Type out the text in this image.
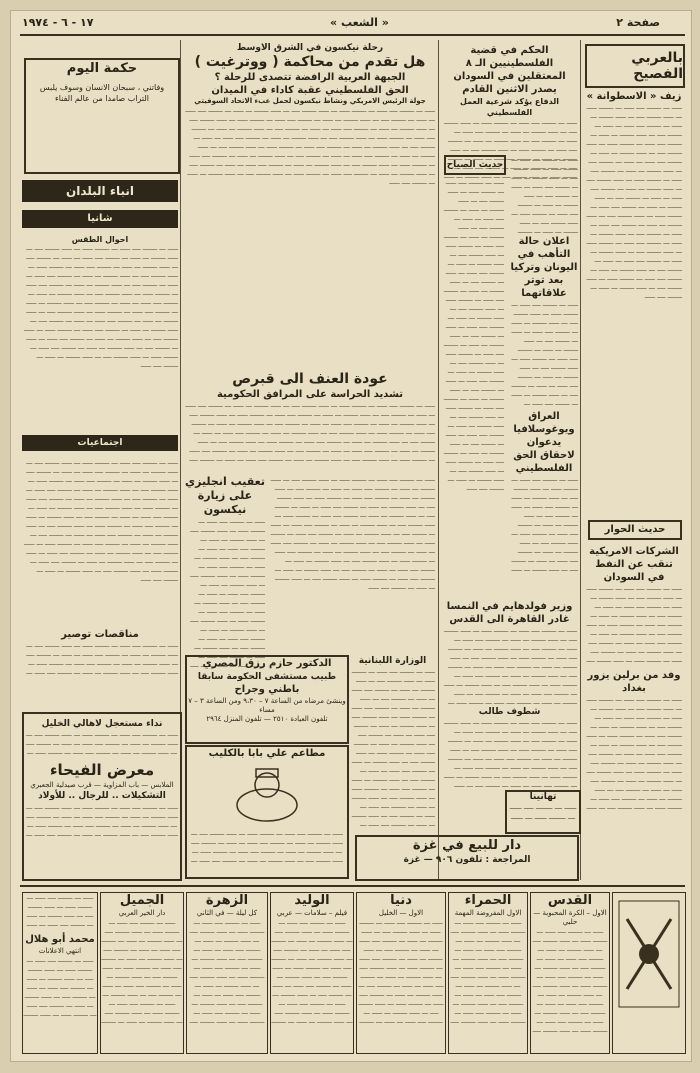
١٧ - ٦ - ١٩٧٤	« الشعب »	صفحة ٢
بالعربي الفصيح
زيف « الاسطوانة »
ـــــ ـــ ـــــــ ــــ ـــــ ـــ ـــــــ ـــــ ـــ ـــــ ـــــــ ــــ ـــ ـــــ ـــــــ ـــ ـــــ ـــ ـــــــ ــــ ـــــ ـــ ـــــ ـــ ـــــــ ــــ ـــ ـــــ ـــــــ ـــ ـــــ ـــ ـــــــ ــــ ـــــ ـــ ـــــــ ـــــ ـــ ـــــ ـــــــ ــــ ـــ ـــــ ـــــــ ـــ ـــــ ـــ ـــــــ ــــ ـــــ ـــ ـــــ ـــ ـــــــ ــــ ـــ ـــــ ـــــــ ـــ ـــــ ـــ ـــــــ ــــ ـــــ ـــ ـــــــ ـــــ ـــ ـــــ ـــــــ ــــ ـــ ـــــ ـــــــ ـــ ـــــ ـــ ـــــــ ــــ ـــــ ـــ ـــــ ـــ ـــــــ ــــ ـــ ـــــ ـــــــ ـــ ـــــ ـــ ـــــــ ــــ ـــــ ـــ ـــــــ ـــــ ـــ ـــــ ـــــــ ــــ ـــ ـــــ ـــــــ ـــ ـــــ ـــ ـــــــ ــــ ـــــ ـــ ـــــ ـــ ـــــــ ــــ ـــ ـــــ ـــــــ ـــ ـــــ ـــ ـــــــ ــــ ـــــ ـــ ـــــــ ـــــ ـــ ـــــ ـــــــ ــــ ـــ ـــــ ـــــــ ـــ ـــــ ـــ ـــــــ ــــ ـــــ ـــ ـــــ ـــ ـــــــ ــــ ـــ ـــــ ـــــــ ـــ ـــــ ـــ ـــــــ ــــ ـــــ ـــ ـــــــ ـــــ ـــ ـــــ ـــــــ ــــ ـــ ـــــ ـــــــ ـــ ـــــ ـــ ـــــــ ــــ ـــــ
حديث الحوار
الشركات الامريكية تنقب عن النفط في السودان
ـــــ ـــ ـــــــ ــــ ـــــ ـــ ـــــــ ـــــ ـــ ـــــ ـــــــ ــــ ـــ ـــــ ـــــــ ـــ ـــــ ـــ ـــــــ ــــ ـــــ ـــ ـــــ ـــ ـــــــ ــــ ـــ ـــــ ـــــــ ـــ ـــــ ـــ ـــــــ ــــ ـــــ ـــ ـــــــ ـــــ ـــ ـــــ ـــــــ ــــ ـــ ـــــ ـــــــ ـــ ـــــ ـــ ـــــــ ــــ ـــــ ـــ ـــــ ـــ ـــــــ ــــ ـــ ـــــ ـــــــ ـــ ـــــ ـــ ـــــــ ــــ ـــــ ـــ ـــــــ ـــــ ـــ ـــــ ـــــــ ــــ ـــ ـــــ ـــــــ ـــ ـــــ ـــ ـــــــ ــــ ـــــ ـــ ـــــ ـــ ـــــــ ــــ ـــ ـــــ ـــــــ ـــ ـــــ ـــ ـــــــ ــــ ـــــ ـــ ـــــــ ـــــ ـــ ـــــ ـــــــ ــــ ـــ ـــــ ـــــــ ـــ ـــــ ـــ ـــــــ ــــ ـــــ ـــ ـــــ ـــ ـــــــ ــــ ـــ ـــــ ـــــــ ـــ ـــــ ـــ ـــــــ ــــ ـــــ ـــ ـــــــ ـــــ ـــ ـــــ ـــــــ ــــ ـــ ـــــ ـــــــ ـــ ـــــ ـــ ـــــــ ــــ ـــــ ـــ ـــــ ـــ ـــــــ ــــ ـــ ـــــ ـــــــ ـــ ـــــ ـــ ـــــــ ــــ ـــــ ـــ ـــــــ ـــــ ـــ ـــــ ـــــــ ــــ ـــ ـــــ ـــــــ ـــ ـــــ ـــ ـــــــ ــــ ـــــ
وفد من برلين يزور بغداد
ـــــ ـــ ـــــــ ــــ ـــــ ـــ ـــــــ ـــــ ـــ ـــــ ـــــــ ــــ ـــ ـــــ ـــــــ ـــ ـــــ ـــ ـــــــ ــــ ـــــ ـــ ـــــ ـــ ـــــــ ــــ ـــ ـــــ ـــــــ ـــ ـــــ ـــ ـــــــ ــــ ـــــ ـــ ـــــــ ـــــ ـــ ـــــ ـــــــ ــــ ـــ ـــــ ـــــــ ـــ ـــــ ـــ ـــــــ ــــ ـــــ ـــ ـــــ ـــ ـــــــ ــــ ـــ ـــــ ـــــــ ـــ ـــــ ـــ ـــــــ ــــ ـــــ ـــ ـــــــ ـــــ ـــ ـــــ ـــــــ ــــ ـــ ـــــ ـــــــ ـــ ـــــ ـــ ـــــــ ــــ ـــــ ـــ ـــــ ـــ ـــــــ ــــ ـــ ـــــ ـــــــ ـــ ـــــ ـــ ـــــــ ــــ ـــــ ـــ ـــــــ ـــــ ـــ ـــــ ـــــــ ــــ ـــ ـــــ ـــــــ ـــ ـــــ ـــ ـــــــ ــــ ـــــ ـــ ـــــ ـــ ـــــــ ــــ ـــ ـــــ ـــــــ ـــ ـــــ ـــ ـــــــ ــــ ـــــ ـــ ـــــــ ـــــ ـــ ـــــ ـــــــ ــــ ـــ ـــــ ـــــــ ـــ ـــــ ـــ ـــــــ ــــ ـــــ ـــ ـــــ ـــ ـــــــ ــــ ـــ ـــــ ـــــــ ـــ ـــــ ـــ ـــــــ ــــ ـــــ ـــ ـــــــ ـــــ ـــ ـــــ ـــــــ ــــ ـــ ـــــ ـــــــ ـــ ـــــ ـــ ـــــــ ــــ ـــــ
الحكم في قضية الفلسطينيين الـ ٨ المعتقلين في السودان يصدر الاثنين القادم
الدفاع يؤكد شرعية العمل الفلسطيني
ـــــ ـــ ـــــــ ــــ ـــــ ـــ ـــــــ ـــــ ـــ ـــــ ـــــــ ــــ ـــ ـــــ ـــــــ ـــ ـــــ ـــ ـــــــ ــــ ـــــ ـــ ـــــ ـــ ـــــــ ــــ ـــ ـــــ ـــــــ ـــ ـــــ ـــ ـــــــ ــــ ـــــ ـــ ـــــــ ـــــ ـــ ـــــ ـــــــ ــــ ـــ ـــــ ـــــــ ـــ ـــــ ـــ ـــــــ ــــ ـــــ ـــ ـــــ ـــ ـــــــ ــــ ـــ ـــــ ـــــــ ـــ ـــــ ـــ ـــــــ ــــ ـــــ ـــ ـــــــ ـــــ ـــ ـــــ ـــــــ ــــ ـــ ـــــ ـــــــ ـــ ـــــ ـــ ـــــــ ــــ ـــــ ـــ ـــــ ـــ ـــــــ ــــ ـــ ـــــ ـــــــ ـــ ـــــ ـــ ـــــــ ــــ ـــــ ـــ ـــــــ ـــــ ـــ ـــــ ـــــــ ــــ ـــ ـــــ ـــــــ ـــ ـــــ ـــ ـــــــ ــــ ـــــ ـــ ـــــ ـــ ـــــــ ــــ ـــ ـــــ ـــــــ ـــ ـــــ ـــ ـــــــ ــــ ـــــ ـــ ـــــــ ـــــ ـــ ـــــ ـــــــ ــــ ـــ ـــــ ـــــــ ـــ ـــــ ـــ ـــــــ ــــ ـــــ ـــ ـــــ ـــ ـــــــ ــــ ـــ ـــــ ـــــــ ـــ ـــــ ـــ ـــــــ ــــ ـــــ ـــ ـــــــ ـــــ ـــ ـــــ ـــــــ ــــ ـــ ـــــ ـــــــ ـــ ـــــ ـــ ـــــــ ــــ ـــــ
حديث الصباح
ـــــ ـــ ـــــــ ــــ ـــــ ـــ ـــــــ ـــــ ـــ ـــــ ـــــــ ــــ ـــ ـــــ ـــــــ ـــ ـــــ ـــ ـــــــ ــــ ـــــ ـــ ـــــ ـــ ـــــــ ــــ ـــ ـــــ ـــــــ ـــ ـــــ ـــ ـــــــ ــــ ـــــ ـــ ـــــــ ـــــ ـــ ـــــ ـــــــ ــــ ـــ ـــــ ـــــــ ـــ ـــــ ـــ ـــــــ ــــ ـــــ ـــ ـــــ ـــ ـــــــ ــــ ـــ ـــــ ـــــــ ـــ ـــــ ـــ ـــــــ ــــ ـــــ ـــ ـــــــ ـــــ ـــ ـــــ ـــــــ ــــ ـــ ـــــ ـــــــ ـــ ـــــ ـــ ـــــــ ــــ ـــــ ـــ ـــــ ـــ ـــــــ ــــ ـــ ـــــ ـــــــ ـــ ـــــ ـــ ـــــــ ــــ ـــــ ـــ ـــــــ ـــــ ـــ ـــــ ـــــــ ــــ ـــ ـــــ ـــــــ ـــ ـــــ ـــ ـــــــ ــــ ـــــ ـــ ـــــ ـــ ـــــــ ــــ ـــ ـــــ ـــــــ ـــ ـــــ ـــ ـــــــ ــــ ـــــ ـــ ـــــــ ـــــ ـــ ـــــ ـــــــ ــــ ـــ ـــــ ـــــــ ـــ ـــــ ـــ ـــــــ ــــ ـــــ ـــ ـــــ ـــ ـــــــ ــــ ـــ ـــــ ـــــــ ـــ ـــــ ـــ ـــــــ ــــ ـــــ ـــ ـــــــ ـــــ ـــ ـــــ ـــــــ ــــ ـــ ـــــ ـــــــ ـــ ـــــ ـــ ـــــــ ــــ ـــــ
ـــــ ـــ ـــــــ ــــ ـــــ ـــ ـــــــ ـــــ ـــ ـــــ ـــــــ ــــ ـــ ـــــ ـــــــ ـــ ـــــ ـــ ـــــــ ــــ ـــــ ـــ ـــــ ـــ ـــــــ ــــ ـــ ـــــ ـــــــ ـــ ـــــ ـــ ـــــــ ــــ ـــــ ـــ ـــــــ ـــــ ـــ ـــــ ـــــــ ــــ ـــ ـــــ ـــــــ ـــ ـــــ ـــ ـــــــ ــــ ـــــ ـــ ـــــ ـــ ـــــــ ــــ ـــ ـــــ ـــــــ ـــ ـــــ ـــ ـــــــ ــــ ـــــ ـــ ـــــــ ـــــ ـــ ـــــ ـــــــ ــــ ـــ ـــــ ـــــــ ـــ ـــــ ـــ ـــــــ ــــ ـــــ ـــ ـــــ ـــ ـــــــ ــــ ـــ ـــــ ـــــــ ـــ ـــــ ـــ ـــــــ ــــ ـــــ ـــ ـــــــ ـــــ ـــ ـــــ ـــــــ ــــ ـــ ـــــ ـــــــ ـــ ـــــ ـــ ـــــــ ــــ ـــــ ـــ ـــــ ـــ ـــــــ ــــ ـــ ـــــ ـــــــ ـــ ـــــ ـــ ـــــــ ــــ ـــــ ـــ ـــــــ ـــــ ـــ ـــــ ـــــــ ــــ ـــ ـــــ ـــــــ ـــ ـــــ ـــ ـــــــ ــــ ـــــ ـــ ـــــ ـــ ـــــــ ــــ ـــ ـــــ ـــــــ ـــ ـــــ ـــ ـــــــ ــــ ـــــ ـــ ـــــــ ـــــ ـــ ـــــ ـــــــ ــــ ـــ ـــــ ـــــــ ـــ ـــــ ـــ ـــــــ ــــ ـــــ
اعلان حالة التأهب في اليونان وتركيا بعد توتر علاقاتهما
ـــــ ـــ ـــــــ ــــ ـــــ ـــ ـــــــ ـــــ ـــ ـــــ ـــــــ ــــ ـــ ـــــ ـــــــ ـــ ـــــ ـــ ـــــــ ــــ ـــــ ـــ ـــــ ـــ ـــــــ ــــ ـــ ـــــ ـــــــ ـــ ـــــ ـــ ـــــــ ــــ ـــــ ـــ ـــــــ ـــــ ـــ ـــــ ـــــــ ــــ ـــ ـــــ ـــــــ ـــ ـــــ ـــ ـــــــ ــــ ـــــ ـــ ـــــ ـــ ـــــــ ــــ ـــ ـــــ ـــــــ ـــ ـــــ ـــ ـــــــ ــــ ـــــ ـــ ـــــــ ـــــ ـــ ـــــ ـــــــ ــــ ـــ ـــــ ـــــــ ـــ ـــــ ـــ ـــــــ ــــ ـــــ ـــ ـــــ ـــ ـــــــ ــــ ـــ ـــــ ـــــــ ـــ ـــــ ـــ ـــــــ ــــ ـــــ ـــ ـــــــ ـــــ ـــ ـــــ ـــــــ ــــ ـــ ـــــ ـــــــ ـــ ـــــ ـــ ـــــــ ــــ ـــــ ـــ ـــــ ـــ ـــــــ ــــ ـــ ـــــ ـــــــ ـــ ـــــ ـــ ـــــــ ــــ ـــــ ـــ ـــــــ ـــــ ـــ ـــــ ـــــــ ــــ ـــ ـــــ ـــــــ ـــ ـــــ ـــ ـــــــ ــــ ـــــ ـــ ـــــ ـــ ـــــــ ــــ ـــ ـــــ ـــــــ ـــ ـــــ ـــ ـــــــ ــــ ـــــ ـــ ـــــــ ـــــ ـــ ـــــ ـــــــ ــــ ـــ ـــــ ـــــــ ـــ ـــــ ـــ ـــــــ ــــ ـــــ
العراق ويوغوسلافيا يدعوان لاحقاق الحق الفلسطيني
ـــــ ـــ ـــــــ ــــ ـــــ ـــ ـــــــ ـــــ ـــ ـــــ ـــــــ ــــ ـــ ـــــ ـــــــ ـــ ـــــ ـــ ـــــــ ــــ ـــــ ـــ ـــــ ـــ ـــــــ ــــ ـــ ـــــ ـــــــ ـــ ـــــ ـــ ـــــــ ــــ ـــــ ـــ ـــــــ ـــــ ـــ ـــــ ـــــــ ــــ ـــ ـــــ ـــــــ ـــ ـــــ ـــ ـــــــ ــــ ـــــ ـــ ـــــ ـــ ـــــــ ــــ ـــ ـــــ ـــــــ ـــ ـــــ ـــ ـــــــ ــــ ـــــ ـــ ـــــــ ـــــ ـــ ـــــ ـــــــ ــــ ـــ ـــــ ـــــــ ـــ ـــــ ـــ ـــــــ ــــ ـــــ ـــ ـــــ ـــ ـــــــ ــــ ـــ ـــــ ـــــــ ـــ ـــــ ـــ ـــــــ ــــ ـــــ ـــ ـــــــ ـــــ ـــ ـــــ ـــــــ ــــ ـــ ـــــ ـــــــ ـــ ـــــ ـــ ـــــــ ــــ ـــــ ـــ ـــــ ـــ ـــــــ ــــ ـــ ـــــ ـــــــ ـــ ـــــ ـــ ـــــــ ــــ ـــــ ـــ ـــــــ ـــــ ـــ ـــــ ـــــــ ــــ ـــ ـــــ ـــــــ ـــ ـــــ ـــ ـــــــ ــــ ـــــ ـــ ـــــ ـــ ـــــــ ــــ ـــ ـــــ ـــــــ ـــ ـــــ ـــ ـــــــ ــــ ـــــ ـــ ـــــــ ـــــ ـــ ـــــ ـــــــ ــــ ـــ ـــــ ـــــــ ـــ ـــــ ـــ ـــــــ ــــ ـــــ
وزير فولدهايم في النمسا غادر القاهرة الى القدس
ـــــ ـــ ـــــــ ــــ ـــــ ـــ ـــــــ ـــــ ـــ ـــــ ـــــــ ــــ ـــ ـــــ ـــــــ ـــ ـــــ ـــ ـــــــ ــــ ـــــ ـــ ـــــ ـــ ـــــــ ــــ ـــ ـــــ ـــــــ ـــ ـــــ ـــ ـــــــ ــــ ـــــ ـــ ـــــــ ـــــ ـــ ـــــ ـــــــ ــــ ـــ ـــــ ـــــــ ـــ ـــــ ـــ ـــــــ ــــ ـــــ ـــ ـــــ ـــ ـــــــ ــــ ـــ ـــــ ـــــــ ـــ ـــــ ـــ ـــــــ ــــ ـــــ ـــ ـــــــ ـــــ ـــ ـــــ ـــــــ ــــ ـــ ـــــ ـــــــ ـــ ـــــ ـــ ـــــــ ــــ ـــــ ـــ ـــــ ـــ ـــــــ ــــ ـــ ـــــ ـــــــ ـــ ـــــ ـــ ـــــــ ــــ ـــــ ـــ ـــــــ ـــــ ـــ ـــــ ـــــــ ــــ ـــ ـــــ ـــــــ ـــ ـــــ ـــ ـــــــ ــــ ـــــ ـــ ـــــ ـــ ـــــــ ــــ ـــ ـــــ ـــــــ ـــ ـــــ ـــ ـــــــ ــــ ـــــ ـــ ـــــــ ـــــ ـــ ـــــ ـــــــ ــــ ـــ ـــــ ـــــــ ـــ ـــــ ـــ ـــــــ ــــ ـــــ ـــ ـــــ ـــ ـــــــ ــــ ـــ ـــــ ـــــــ ـــ ـــــ ـــ ـــــــ ــــ ـــــ ـــ ـــــــ ـــــ ـــ ـــــ ـــــــ ــــ ـــ ـــــ ـــــــ ـــ ـــــ ـــ ـــــــ ــــ ـــــ
شطوف طالب
ـــــ ـــ ـــــــ ــــ ـــــ ـــ ـــــــ ـــــ ـــ ـــــ ـــــــ ــــ ـــ ـــــ ـــــــ ـــ ـــــ ـــ ـــــــ ــــ ـــــ ـــ ـــــ ـــ ـــــــ ــــ ـــ ـــــ ـــــــ ـــ ـــــ ـــ ـــــــ ــــ ـــــ ـــ ـــــــ ـــــ ـــ ـــــ ـــــــ ــــ ـــ ـــــ ـــــــ ـــ ـــــ ـــ ـــــــ ــــ ـــــ ـــ ـــــ ـــ ـــــــ ــــ ـــ ـــــ ـــــــ ـــ ـــــ ـــ ـــــــ ــــ ـــــ ـــ ـــــــ ـــــ ـــ ـــــ ـــــــ ــــ ـــ ـــــ ـــــــ ـــ ـــــ ـــ ـــــــ ــــ ـــــ ـــ ـــــ ـــ ـــــــ ــــ ـــ ـــــ ـــــــ ـــ ـــــ ـــ ـــــــ ــــ ـــــ ـــ ـــــــ ـــــ ـــ ـــــ ـــــــ ــــ ـــ ـــــ ـــــــ ـــ ـــــ ـــ ـــــــ ــــ ـــــ ـــ ـــــ ـــ ـــــــ ــــ ـــ ـــــ ـــــــ ـــ ـــــ ـــ ـــــــ ــــ ـــــ ـــ ـــــــ ـــــ ـــ ـــــ ـــــــ ــــ ـــ ـــــ ـــــــ ـــ ـــــ ـــ ـــــــ ــــ ـــــ ـــ ـــــ ـــ ـــــــ ــــ ـــ ـــــ ـــــــ ـــ ـــــ ـــ ـــــــ ــــ ـــــ ـــ ـــــــ ـــــ ـــ ـــــ ـــــــ ــــ ـــ ـــــ ـــــــ ـــ ـــــ ـــ ـــــــ ــــ ـــــ
تهانينا
ـــــ ـــ ـــــــ ــــ ـــــ ـــ ـــــــ ـــــ ـــ ـــــ ـــــــ ــــ ـــ ـــــ ـــــــ ـــ ـــــ ـــ ـــــــ ــــ ـــــ ـــ ـــــ ـــ ـــــــ ــــ ـــ ـــــ ـــــــ ـــ ـــــ ـــ ـــــــ ــــ ـــــ ـــ ـــــــ ـــــ ـــ ـــــ ـــــــ ــــ ـــ ـــــ ـــــــ ـــ ـــــ ـــ ـــــــ ــــ ـــــ ـــ ـــــ ـــ ـــــــ ــــ ـــ ـــــ ـــــــ ـــ ـــــ ـــ ـــــــ ــــ ـــــ ـــ ـــــــ ـــــ ـــ ـــــ ـــــــ ــــ ـــ ـــــ ـــــــ ـــ ـــــ ـــ ـــــــ ــــ ـــــ ـــ ـــــ ـــ ـــــــ ــــ ـــ ـــــ ـــــــ ـــ ـــــ ـــ ـــــــ ــــ ـــــ ـــ ـــــــ ـــــ ـــ ـــــ ـــــــ ــــ ـــ ـــــ ـــــــ ـــ ـــــ ـــ ـــــــ ــــ ـــــ ـــ ـــــ ـــ ـــــــ ــــ ـــ ـــــ ـــــــ ـــ ـــــ ـــ ـــــــ ــــ ـــــ ـــ ـــــــ ـــــ ـــ ـــــ ـــــــ ــــ ـــ ـــــ ـــــــ ـــ ـــــ ـــ ـــــــ ــــ ـــــ ـــ ـــــ ـــ ـــــــ ــــ ـــ ـــــ ـــــــ ـــ ـــــ ـــ ـــــــ ــــ ـــــ ـــ ـــــــ ـــــ ـــ ـــــ ـــــــ ــــ ـــ ـــــ ـــــــ ـــ ـــــ ـــ ـــــــ ــــ ـــــ
دار للبيع في غزة
المراجعة : تلفون ٩٠٦ — غزة
رحلة نيكسون في الشرق الاوسط
هل تقدم من محاكمة ( ووترغيت )
الجبهة العربية الرافضة تتصدى للرحلة ؟
الحق الفلسطيني عقبة كاداء في الميدان
جولة الرئيس الامريكي ونشاط نيكسون لحمل عبء الاتحاد السوفيتي
ـــــ ـــ ـــــــ ــــ ـــــ ـــ ـــــــ ـــــ ـــ ـــــ ـــــــ ــــ ـــ ـــــ ـــــــ ـــ ـــــ ـــ ـــــــ ــــ ـــــ ـــ ـــــ ـــ ـــــــ ــــ ـــ ـــــ ـــــــ ـــ ـــــ ـــ ـــــــ ــــ ـــــ ـــ ـــــــ ـــــ ـــ ـــــ ـــــــ ــــ ـــ ـــــ ـــــــ ـــ ـــــ ـــ ـــــــ ــــ ـــــ ـــ ـــــ ـــ ـــــــ ــــ ـــ ـــــ ـــــــ ـــ ـــــ ـــ ـــــــ ــــ ـــــ ـــ ـــــــ ـــــ ـــ ـــــ ـــــــ ــــ ـــ ـــــ ـــــــ ـــ ـــــ ـــ ـــــــ ــــ ـــــ ـــ ـــــ ـــ ـــــــ ــــ ـــ ـــــ ـــــــ ـــ ـــــ ـــ ـــــــ ــــ ـــــ ـــ ـــــــ ـــــ ـــ ـــــ ـــــــ ــــ ـــ ـــــ ـــــــ ـــ ـــــ ـــ ـــــــ ــــ ـــــ ـــ ـــــ ـــ ـــــــ ــــ ـــ ـــــ ـــــــ ـــ ـــــ ـــ ـــــــ ــــ ـــــ ـــ ـــــــ ـــــ ـــ ـــــ ـــــــ ــــ ـــ ـــــ ـــــــ ـــ ـــــ ـــ ـــــــ ــــ ـــــ ـــ ـــــ ـــ ـــــــ ــــ ـــ ـــــ ـــــــ ـــ ـــــ ـــ ـــــــ ــــ ـــــ ـــ ـــــــ ـــــ ـــ ـــــ ـــــــ ــــ ـــ ـــــ ـــــــ ـــ ـــــ ـــ ـــــــ ــــ ـــــ
عودة العنف الى قبرص
تشديد الحراسة على المرافق الحكومية
ـــــ ـــ ـــــــ ــــ ـــــ ـــ ـــــــ ـــــ ـــ ـــــ ـــــــ ــــ ـــ ـــــ ـــــــ ـــ ـــــ ـــ ـــــــ ــــ ـــــ ـــ ـــــ ـــ ـــــــ ــــ ـــ ـــــ ـــــــ ـــ ـــــ ـــ ـــــــ ــــ ـــــ ـــ ـــــــ ـــــ ـــ ـــــ ـــــــ ــــ ـــ ـــــ ـــــــ ـــ ـــــ ـــ ـــــــ ــــ ـــــ ـــ ـــــ ـــ ـــــــ ــــ ـــ ـــــ ـــــــ ـــ ـــــ ـــ ـــــــ ــــ ـــــ ـــ ـــــــ ـــــ ـــ ـــــ ـــــــ ــــ ـــ ـــــ ـــــــ ـــ ـــــ ـــ ـــــــ ــــ ـــــ ـــ ـــــ ـــ ـــــــ ــــ ـــ ـــــ ـــــــ ـــ ـــــ ـــ ـــــــ ــــ ـــــ ـــ ـــــــ ـــــ ـــ ـــــ ـــــــ ــــ ـــ ـــــ ـــــــ ـــ ـــــ ـــ ـــــــ ــــ ـــــ ـــ ـــــ ـــ ـــــــ ــــ ـــ ـــــ ـــــــ ـــ ـــــ ـــ ـــــــ ــــ ـــــ ـــ ـــــــ ـــــ ـــ ـــــ ـــــــ ــــ ـــ ـــــ ـــــــ ـــ ـــــ ـــ ـــــــ ــــ ـــــ ـــ ـــــ ـــ ـــــــ ــــ ـــ ـــــ ـــــــ ـــ ـــــ ـــ ـــــــ ــــ ـــــ ـــ ـــــــ ـــــ ـــ ـــــ ـــــــ ــــ ـــ ـــــ ـــــــ ـــ ـــــ ـــ ـــــــ ــــ ـــــ
تعقيب انجليزي على زيارة نيكسون
ـــــ ـــ ـــــــ ــــ ـــــ ـــ ـــــــ ـــــ ـــ ـــــ ـــــــ ــــ ـــ ـــــ ـــــــ ـــ ـــــ ـــ ـــــــ ــــ ـــــ ـــ ـــــ ـــ ـــــــ ــــ ـــ ـــــ ـــــــ ـــ ـــــ ـــ ـــــــ ــــ ـــــ ـــ ـــــــ ـــــ ـــ ـــــ ـــــــ ــــ ـــ ـــــ ـــــــ ـــ ـــــ ـــ ـــــــ ــــ ـــــ ـــ ـــــ ـــ ـــــــ ــــ ـــ ـــــ ـــــــ ـــ ـــــ ـــ ـــــــ ــــ ـــــ ـــ ـــــــ ـــــ ـــ ـــــ ـــــــ ــــ ـــ ـــــ ـــــــ ـــ ـــــ ـــ ـــــــ ــــ ـــــ ـــ ـــــ ـــ ـــــــ ــــ ـــ ـــــ ـــــــ ـــ ـــــ ـــ ـــــــ ــــ ـــــ ـــ ـــــــ ـــــ ـــ ـــــ ـــــــ ــــ ـــ ـــــ ـــــــ ـــ ـــــ ـــ ـــــــ ــــ ـــــ ـــ ـــــ ـــ ـــــــ ــــ ـــ ـــــ ـــــــ ـــ ـــــ ـــ ـــــــ ــــ ـــــ ـــ ـــــــ ـــــ ـــ ـــــ ـــــــ ــــ ـــ ـــــ ـــــــ ـــ ـــــ ـــ ـــــــ ــــ ـــــ ـــ ـــــ ـــ ـــــــ ــــ ـــ ـــــ ـــــــ ـــ ـــــ ـــ ـــــــ ــــ ـــــ ـــ ـــــــ ـــــ ـــ ـــــ ـــــــ ــــ ـــ ـــــ ـــــــ ـــ ـــــ ـــ ـــــــ ــــ ـــــ
ـــــ ـــ ـــــــ ــــ ـــــ ـــ ـــــــ ـــــ ـــ ـــــ ـــــــ ــــ ـــ ـــــ ـــــــ ـــ ـــــ ـــ ـــــــ ــــ ـــــ ـــ ـــــ ـــ ـــــــ ــــ ـــ ـــــ ـــــــ ـــ ـــــ ـــ ـــــــ ــــ ـــــ ـــ ـــــــ ـــــ ـــ ـــــ ـــــــ ــــ ـــ ـــــ ـــــــ ـــ ـــــ ـــ ـــــــ ــــ ـــــ ـــ ـــــ ـــ ـــــــ ــــ ـــ ـــــ ـــــــ ـــ ـــــ ـــ ـــــــ ــــ ـــــ ـــ ـــــــ ـــــ ـــ ـــــ ـــــــ ــــ ـــ ـــــ ـــــــ ـــ ـــــ ـــ ـــــــ ــــ ـــــ ـــ ـــــ ـــ ـــــــ ــــ ـــ ـــــ ـــــــ ـــ ـــــ ـــ ـــــــ ــــ ـــــ ـــ ـــــــ ـــــ ـــ ـــــ ـــــــ ــــ ـــ ـــــ ـــــــ ـــ ـــــ ـــ ـــــــ ــــ ـــــ ـــ ـــــ ـــ ـــــــ ــــ ـــ ـــــ ـــــــ ـــ ـــــ ـــ ـــــــ ــــ ـــــ ـــ ـــــــ ـــــ ـــ ـــــ ـــــــ ــــ ـــ ـــــ ـــــــ ـــ ـــــ ـــ ـــــــ ــــ ـــــ ـــ ـــــ ـــ ـــــــ ــــ ـــ ـــــ ـــــــ ـــ ـــــ ـــ ـــــــ ــــ ـــــ ـــ ـــــــ ـــــ ـــ ـــــ ـــــــ ــــ ـــ ـــــ ـــــــ ـــ ـــــ ـــ ـــــــ ــــ ـــــ
الدكتور حازم رزق المصري
طبيب مستشفى الحكومة سابقا
باطني وجراح
وينشئ مرضاه من الساعة ٧ – ٩،٣٠ ومن الساعة ٣ – ٧ مساء
تلفون العيادة ٢٥١٠ — تلفون المنزل ٢٩٦٤
الوزارة اللبنانية
ـــــ ـــ ـــــــ ــــ ـــــ ـــ ـــــــ ـــــ ـــ ـــــ ـــــــ ــــ ـــ ـــــ ـــــــ ـــ ـــــ ـــ ـــــــ ــــ ـــــ ـــ ـــــ ـــ ـــــــ ــــ ـــ ـــــ ـــــــ ـــ ـــــ ـــ ـــــــ ــــ ـــــ ـــ ـــــــ ـــــ ـــ ـــــ ـــــــ ــــ ـــ ـــــ ـــــــ ـــ ـــــ ـــ ـــــــ ــــ ـــــ ـــ ـــــ ـــ ـــــــ ــــ ـــ ـــــ ـــــــ ـــ ـــــ ـــ ـــــــ ــــ ـــــ ـــ ـــــــ ـــــ ـــ ـــــ ـــــــ ــــ ـــ ـــــ ـــــــ ـــ ـــــ ـــ ـــــــ ــــ ـــــ ـــ ـــــ ـــ ـــــــ ــــ ـــ ـــــ ـــــــ ـــ ـــــ ـــ ـــــــ ــــ ـــــ ـــ ـــــــ ـــــ ـــ ـــــ ـــــــ ــــ ـــ ـــــ ـــــــ ـــ ـــــ ـــ ـــــــ ــــ ـــــ ـــ ـــــ ـــ ـــــــ ــــ ـــ ـــــ ـــــــ ـــ ـــــ ـــ ـــــــ ــــ ـــــ ـــ ـــــــ ـــــ ـــ ـــــ ـــــــ ــــ ـــ ـــــ ـــــــ ـــ ـــــ ـــ ـــــــ ــــ ـــــ ـــ ـــــ ـــ ـــــــ ــــ ـــ ـــــ ـــــــ ـــ ـــــ ـــ ـــــــ ــــ ـــــ ـــ ـــــــ ـــــ ـــ ـــــ ـــــــ ــــ ـــ ـــــ ـــــــ ـــ ـــــ ـــ ـــــــ ــــ ـــــ
مطاعم علي بابا بالكليب
ـــــ ـــ ـــــــ ــــ ـــــ ـــ ـــــــ ـــــ ـــ ـــــ ـــــــ ــــ ـــ ـــــ ـــــــ ـــ ـــــ ـــ ـــــــ ــــ ـــــ ـــ ـــــ ـــ ـــــــ ــــ ـــ ـــــ ـــــــ ـــ ـــــ ـــ ـــــــ ــــ ـــــ ـــ ـــــــ ـــــ ـــ ـــــ ـــــــ ــــ ـــ ـــــ ـــــــ ـــ ـــــ ـــ ـــــــ ــــ ـــــ ـــ ـــــ ـــ ـــــــ ــــ ـــ ـــــ ـــــــ ـــ ـــــ ـــ ـــــــ ــــ ـــــ ـــ ـــــــ ـــــ ـــ ـــــ ـــــــ ــــ ـــ ـــــ ـــــــ ـــ ـــــ ـــ ـــــــ ــــ ـــــ ـــ ـــــ ـــ ـــــــ ــــ ـــ ـــــ ـــــــ ـــ ـــــ ـــ ـــــــ ــــ ـــــ ـــ ـــــــ ـــــ ـــ ـــــ ـــــــ ــــ ـــ ـــــ ـــــــ ـــ ـــــ ـــ ـــــــ ــــ ـــــ ـــ ـــــ ـــ ـــــــ ــــ ـــ ـــــ ـــــــ ـــ ـــــ ـــ ـــــــ ــــ ـــــ ـــ ـــــــ ـــــ ـــ ـــــ ـــــــ ــــ ـــ ـــــ ـــــــ ـــ ـــــ ـــ ـــــــ ــــ ـــــ ـــ ـــــ ـــ ـــــــ ــــ ـــ ـــــ ـــــــ ـــ ـــــ ـــ ـــــــ ــــ ـــــ ـــ ـــــــ ـــــ ـــ ـــــ ـــــــ ــــ ـــ ـــــ ـــــــ ـــ ـــــ ـــ ـــــــ ــــ ـــــ
حكمة اليوم
وفاتني ، سبحان الانسان وسوف يلبس التراب صامدا من عالم الفناء
انباء البلدان
شانيا
احوال الطقس
ـــــ ـــ ـــــــ ــــ ـــــ ـــ ـــــــ ـــــ ـــ ـــــ ـــــــ ــــ ـــ ـــــ ـــــــ ـــ ـــــ ـــ ـــــــ ــــ ـــــ ـــ ـــــ ـــ ـــــــ ــــ ـــ ـــــ ـــــــ ـــ ـــــ ـــ ـــــــ ــــ ـــــ ـــ ـــــــ ـــــ ـــ ـــــ ـــــــ ــــ ـــ ـــــ ـــــــ ـــ ـــــ ـــ ـــــــ ــــ ـــــ ـــ ـــــ ـــ ـــــــ ــــ ـــ ـــــ ـــــــ ـــ ـــــ ـــ ـــــــ ــــ ـــــ ـــ ـــــــ ـــــ ـــ ـــــ ـــــــ ــــ ـــ ـــــ ـــــــ ـــ ـــــ ـــ ـــــــ ــــ ـــــ ـــ ـــــ ـــ ـــــــ ــــ ـــ ـــــ ـــــــ ـــ ـــــ ـــ ـــــــ ــــ ـــــ ـــ ـــــــ ـــــ ـــ ـــــ ـــــــ ــــ ـــ ـــــ ـــــــ ـــ ـــــ ـــ ـــــــ ــــ ـــــ ـــ ـــــ ـــ ـــــــ ــــ ـــ ـــــ ـــــــ ـــ ـــــ ـــ ـــــــ ــــ ـــــ ـــ ـــــــ ـــــ ـــ ـــــ ـــــــ ــــ ـــ ـــــ ـــــــ ـــ ـــــ ـــ ـــــــ ــــ ـــــ ـــ ـــــ ـــ ـــــــ ــــ ـــ ـــــ ـــــــ ـــ ـــــ ـــ ـــــــ ــــ ـــــ ـــ ـــــــ ـــــ ـــ ـــــ ـــــــ ــــ ـــ ـــــ ـــــــ ـــ ـــــ ـــ ـــــــ ــــ ـــــ
اجتماعيات
ـــــ ـــ ـــــــ ــــ ـــــ ـــ ـــــــ ـــــ ـــ ـــــ ـــــــ ــــ ـــ ـــــ ـــــــ ـــ ـــــ ـــ ـــــــ ــــ ـــــ ـــ ـــــ ـــ ـــــــ ــــ ـــ ـــــ ـــــــ ـــ ـــــ ـــ ـــــــ ــــ ـــــ ـــ ـــــــ ـــــ ـــ ـــــ ـــــــ ــــ ـــ ـــــ ـــــــ ـــ ـــــ ـــ ـــــــ ــــ ـــــ ـــ ـــــ ـــ ـــــــ ــــ ـــ ـــــ ـــــــ ـــ ـــــ ـــ ـــــــ ــــ ـــــ ـــ ـــــــ ـــــ ـــ ـــــ ـــــــ ــــ ـــ ـــــ ـــــــ ـــ ـــــ ـــ ـــــــ ــــ ـــــ ـــ ـــــ ـــ ـــــــ ــــ ـــ ـــــ ـــــــ ـــ ـــــ ـــ ـــــــ ــــ ـــــ ـــ ـــــــ ـــــ ـــ ـــــ ـــــــ ــــ ـــ ـــــ ـــــــ ـــ ـــــ ـــ ـــــــ ــــ ـــــ ـــ ـــــ ـــ ـــــــ ــــ ـــ ـــــ ـــــــ ـــ ـــــ ـــ ـــــــ ــــ ـــــ ـــ ـــــــ ـــــ ـــ ـــــ ـــــــ ــــ ـــ ـــــ ـــــــ ـــ ـــــ ـــ ـــــــ ــــ ـــــ ـــ ـــــ ـــ ـــــــ ــــ ـــ ـــــ ـــــــ ـــ ـــــ ـــ ـــــــ ــــ ـــــ ـــ ـــــــ ـــــ ـــ ـــــ ـــــــ ــــ ـــ ـــــ ـــــــ ـــ ـــــ ـــ ـــــــ ــــ ـــــ
مناقصات توصير
ـــــ ـــ ـــــــ ــــ ـــــ ـــ ـــــــ ـــــ ـــ ـــــ ـــــــ ــــ ـــ ـــــ ـــــــ ـــ ـــــ ـــ ـــــــ ــــ ـــــ ـــ ـــــ ـــ ـــــــ ــــ ـــ ـــــ ـــــــ ـــ ـــــ ـــ ـــــــ ــــ ـــــ ـــ ـــــــ ـــــ ـــ ـــــ ـــــــ ــــ ـــ ـــــ ـــــــ ـــ ـــــ ـــ ـــــــ ــــ ـــــ ـــ ـــــ ـــ ـــــــ ــــ ـــ ـــــ ـــــــ ـــ ـــــ ـــ ـــــــ ــــ ـــــ ـــ ـــــــ ـــــ ـــ ـــــ ـــــــ ــــ ـــ ـــــ ـــــــ ـــ ـــــ ـــ ـــــــ ــــ ـــــ ـــ ـــــ ـــ ـــــــ ــــ ـــ ـــــ ـــــــ ـــ ـــــ ـــ ـــــــ ــــ ـــــ ـــ ـــــــ ـــــ ـــ ـــــ ـــــــ ــــ ـــ ـــــ ـــــــ ـــ ـــــ ـــ ـــــــ ــــ ـــــ ـــ ـــــ ـــ ـــــــ ــــ ـــ ـــــ ـــــــ ـــ ـــــ ـــ ـــــــ ــــ ـــــ ـــ ـــــــ ـــــ ـــ ـــــ ـــــــ ــــ ـــ ـــــ ـــــــ ـــ ـــــ ـــ ـــــــ ــــ ـــــ ـــ ـــــ ـــ ـــــــ ــــ ـــ ـــــ ـــــــ ـــ ـــــ ـــ ـــــــ ــــ ـــــ ـــ ـــــــ ـــــ ـــ ـــــ ـــــــ ــــ ـــ ـــــ ـــــــ ـــ ـــــ ـــ ـــــــ ــــ ـــــ
نداء مستعجل لاهالي الخليل
ـــــ ـــ ـــــــ ــــ ـــــ ـــ ـــــــ ـــــ ـــ ـــــ ـــــــ ــــ ـــ ـــــ ـــــــ ـــ ـــــ ـــ ـــــــ ــــ ـــــ ـــ ـــــ ـــ ـــــــ ــــ ـــ ـــــ ـــــــ ـــ ـــــ ـــ ـــــــ ــــ ـــــ ـــ ـــــــ ـــــ ـــ ـــــ ـــــــ ــــ ـــ ـــــ ـــــــ ـــ ـــــ ـــ ـــــــ ــــ ـــــ ـــ ـــــ ـــ ـــــــ ــــ ـــ ـــــ ـــــــ ـــ ـــــ ـــ ـــــــ ــــ ـــــ ـــ ـــــــ ـــــ ـــ ـــــ ـــــــ ــــ ـــ ـــــ ـــــــ ـــ ـــــ ـــ ـــــــ ــــ ـــــ ـــ ـــــ ـــ ـــــــ ــــ ـــ ـــــ ـــــــ ـــ ـــــ ـــ ـــــــ ــــ ـــــ ـــ ـــــــ ـــــ ـــ ـــــ ـــــــ ــــ ـــ ـــــ ـــــــ ـــ ـــــ ـــ ـــــــ ــــ ـــــ ـــ ـــــ ـــ ـــــــ ــــ ـــ ـــــ ـــــــ ـــ ـــــ ـــ ـــــــ ــــ ـــــ ـــ ـــــــ ـــــ ـــ ـــــ ـــــــ ــــ ـــ ـــــ ـــــــ ـــ ـــــ ـــ ـــــــ ــــ ـــــ ـــ ـــــ ـــ ـــــــ ــــ ـــ ـــــ ـــــــ ـــ ـــــ ـــ ـــــــ ــــ ـــــ ـــ ـــــــ ـــــ ـــ ـــــ ـــــــ ــــ ـــ ـــــ ـــــــ ـــ ـــــ ـــ ـــــــ ــــ ـــــ
معرض الفيحاء
الملابس — باب المزاوية — قرب صيدلية الجعبري
التشكيلات .. للرجال .. للأولاد
ـــــ ـــ ـــــــ ــــ ـــــ ـــ ـــــــ ـــــ ـــ ـــــ ـــــــ ــــ ـــ ـــــ ـــــــ ـــ ـــــ ـــ ـــــــ ــــ ـــــ ـــ ـــــ ـــ ـــــــ ــــ ـــ ـــــ ـــــــ ـــ ـــــ ـــ ـــــــ ــــ ـــــ ـــ ـــــــ ـــــ ـــ ـــــ ـــــــ ــــ ـــ ـــــ ـــــــ ـــ ـــــ ـــ ـــــــ ــــ ـــــ ـــ ـــــ ـــ ـــــــ ــــ ـــ ـــــ ـــــــ ـــ ـــــ ـــ ـــــــ ــــ ـــــ ـــ ـــــــ ـــــ ـــ ـــــ ـــــــ ــــ ـــ ـــــ ـــــــ ـــ ـــــ ـــ ـــــــ ــــ ـــــ ـــ ـــــ ـــ ـــــــ ــــ ـــ ـــــ ـــــــ ـــ ـــــ ـــ ـــــــ ــــ ـــــ ـــ ـــــــ ـــــ ـــ ـــــ ـــــــ ــــ ـــ ـــــ ـــــــ ـــ ـــــ ـــ ـــــــ ــــ ـــــ ـــ ـــــ ـــ ـــــــ ــــ ـــ ـــــ ـــــــ ـــ ـــــ ـــ ـــــــ ــــ ـــــ ـــ ـــــــ ـــــ ـــ ـــــ ـــــــ ــــ ـــ ـــــ ـــــــ ـــ ـــــ ـــ ـــــــ ــــ ـــــ ـــ ـــــ ـــ ـــــــ ــــ ـــ ـــــ ـــــــ ـــ ـــــ ـــ ـــــــ ــــ ـــــ ـــ ـــــــ ـــــ ـــ ـــــ ـــــــ ــــ ـــ ـــــ ـــــــ ـــ ـــــ ـــ ـــــــ ــــ ـــــ
القدس
الاول – الكرة المحبوبة — حلبي
ـــــ ـــ ـــــــ ــــ ـــــ ـــ ـــــــ ـــــ ـــ ـــــ ـــــــ ــــ ـــ ـــــ ـــــــ ـــ ـــــ ـــ ـــــــ ــــ ـــــ ـــ ـــــ ـــ ـــــــ ــــ ـــ ـــــ ـــــــ ـــ ـــــ ـــ ـــــــ ــــ ـــــ ـــ ـــــــ ـــــ ـــ ـــــ ـــــــ ــــ ـــ ـــــ ـــــــ ـــ ـــــ ـــ ـــــــ ــــ ـــــ ـــ ـــــ ـــ ـــــــ ــــ ـــ ـــــ ـــــــ ـــ ـــــ ـــ ـــــــ ــــ ـــــ ـــ ـــــــ ـــــ ـــ ـــــ ـــــــ ــــ ـــ ـــــ ـــــــ ـــ ـــــ ـــ ـــــــ ــــ ـــــ ـــ ـــــ ـــ ـــــــ ــــ ـــ ـــــ ـــــــ ـــ ـــــ ـــ ـــــــ ــــ ـــــ ـــ ـــــــ ـــــ ـــ ـــــ ـــــــ ــــ ـــ ـــــ ـــــــ ـــ ـــــ ـــ ـــــــ ــــ ـــــ ـــ ـــــ ـــ ـــــــ ــــ ـــ ـــــ ـــــــ ـــ ـــــ ـــ ـــــــ ــــ ـــــ ـــ ـــــــ ـــــ ـــ ـــــ ـــــــ ــــ ـــ ـــــ ـــــــ ـــ ـــــ ـــ ـــــــ ــــ ـــــ ـــ ـــــ ـــ ـــــــ ــــ ـــ ـــــ ـــــــ ـــ ـــــ ـــ ـــــــ ــــ ـــــ ـــ ـــــــ ـــــ ـــ ـــــ ـــــــ ــــ ـــ ـــــ ـــــــ ـــ ـــــ ـــ ـــــــ ــــ ـــــ
الحمراء
الاول المفروضة المهمة
ـــــ ـــ ـــــــ ــــ ـــــ ـــ ـــــــ ـــــ ـــ ـــــ ـــــــ ــــ ـــ ـــــ ـــــــ ـــ ـــــ ـــ ـــــــ ــــ ـــــ ـــ ـــــ ـــ ـــــــ ــــ ـــ ـــــ ـــــــ ـــ ـــــ ـــ ـــــــ ــــ ـــــ ـــ ـــــــ ـــــ ـــ ـــــ ـــــــ ــــ ـــ ـــــ ـــــــ ـــ ـــــ ـــ ـــــــ ــــ ـــــ ـــ ـــــ ـــ ـــــــ ــــ ـــ ـــــ ـــــــ ـــ ـــــ ـــ ـــــــ ــــ ـــــ ـــ ـــــــ ـــــ ـــ ـــــ ـــــــ ــــ ـــ ـــــ ـــــــ ـــ ـــــ ـــ ـــــــ ــــ ـــــ ـــ ـــــ ـــ ـــــــ ــــ ـــ ـــــ ـــــــ ـــ ـــــ ـــ ـــــــ ــــ ـــــ ـــ ـــــــ ـــــ ـــ ـــــ ـــــــ ــــ ـــ ـــــ ـــــــ ـــ ـــــ ـــ ـــــــ ــــ ـــــ ـــ ـــــ ـــ ـــــــ ــــ ـــ ـــــ ـــــــ ـــ ـــــ ـــ ـــــــ ــــ ـــــ ـــ ـــــــ ـــــ ـــ ـــــ ـــــــ ــــ ـــ ـــــ ـــــــ ـــ ـــــ ـــ ـــــــ ــــ ـــــ ـــ ـــــ ـــ ـــــــ ــــ ـــ ـــــ ـــــــ ـــ ـــــ ـــ ـــــــ ــــ ـــــ ـــ ـــــــ ـــــ ـــ ـــــ ـــــــ ــــ ـــ ـــــ ـــــــ ـــ ـــــ ـــ ـــــــ ــــ ـــــ
دنيا
الاول — الخليل
ـــــ ـــ ـــــــ ــــ ـــــ ـــ ـــــــ ـــــ ـــ ـــــ ـــــــ ــــ ـــ ـــــ ـــــــ ـــ ـــــ ـــ ـــــــ ــــ ـــــ ـــ ـــــ ـــ ـــــــ ــــ ـــ ـــــ ـــــــ ـــ ـــــ ـــ ـــــــ ــــ ـــــ ـــ ـــــــ ـــــ ـــ ـــــ ـــــــ ــــ ـــ ـــــ ـــــــ ـــ ـــــ ـــ ـــــــ ــــ ـــــ ـــ ـــــ ـــ ـــــــ ــــ ـــ ـــــ ـــــــ ـــ ـــــ ـــ ـــــــ ــــ ـــــ ـــ ـــــــ ـــــ ـــ ـــــ ـــــــ ــــ ـــ ـــــ ـــــــ ـــ ـــــ ـــ ـــــــ ــــ ـــــ ـــ ـــــ ـــ ـــــــ ــــ ـــ ـــــ ـــــــ ـــ ـــــ ـــ ـــــــ ــــ ـــــ ـــ ـــــــ ـــــ ـــ ـــــ ـــــــ ــــ ـــ ـــــ ـــــــ ـــ ـــــ ـــ ـــــــ ــــ ـــــ ـــ ـــــ ـــ ـــــــ ــــ ـــ ـــــ ـــــــ ـــ ـــــ ـــ ـــــــ ــــ ـــــ ـــ ـــــــ ـــــ ـــ ـــــ ـــــــ ــــ ـــ ـــــ ـــــــ ـــ ـــــ ـــ ـــــــ ــــ ـــــ ـــ ـــــ ـــ ـــــــ ــــ ـــ ـــــ ـــــــ ـــ ـــــ ـــ ـــــــ ــــ ـــــ ـــ ـــــــ ـــــ ـــ ـــــ ـــــــ ــــ ـــ ـــــ ـــــــ ـــ ـــــ ـــ ـــــــ ــــ ـــــ
الوليد
فيلم – سلامات — عربي
ـــــ ـــ ـــــــ ــــ ـــــ ـــ ـــــــ ـــــ ـــ ـــــ ـــــــ ــــ ـــ ـــــ ـــــــ ـــ ـــــ ـــ ـــــــ ــــ ـــــ ـــ ـــــ ـــ ـــــــ ــــ ـــ ـــــ ـــــــ ـــ ـــــ ـــ ـــــــ ــــ ـــــ ـــ ـــــــ ـــــ ـــ ـــــ ـــــــ ــــ ـــ ـــــ ـــــــ ـــ ـــــ ـــ ـــــــ ــــ ـــــ ـــ ـــــ ـــ ـــــــ ــــ ـــ ـــــ ـــــــ ـــ ـــــ ـــ ـــــــ ــــ ـــــ ـــ ـــــــ ـــــ ـــ ـــــ ـــــــ ــــ ـــ ـــــ ـــــــ ـــ ـــــ ـــ ـــــــ ــــ ـــــ ـــ ـــــ ـــ ـــــــ ــــ ـــ ـــــ ـــــــ ـــ ـــــ ـــ ـــــــ ــــ ـــــ ـــ ـــــــ ـــــ ـــ ـــــ ـــــــ ــــ ـــ ـــــ ـــــــ ـــ ـــــ ـــ ـــــــ ــــ ـــــ ـــ ـــــ ـــ ـــــــ ــــ ـــ ـــــ ـــــــ ـــ ـــــ ـــ ـــــــ ــــ ـــــ ـــ ـــــــ ـــــ ـــ ـــــ ـــــــ ــــ ـــ ـــــ ـــــــ ـــ ـــــ ـــ ـــــــ ــــ ـــــ ـــ ـــــ ـــ ـــــــ ــــ ـــ ـــــ ـــــــ ـــ ـــــ ـــ ـــــــ ــــ ـــــ ـــ ـــــــ ـــــ ـــ ـــــ ـــــــ ــــ ـــ ـــــ ـــــــ ـــ ـــــ ـــ ـــــــ ــــ ـــــ
الزهرة
كل ليلة — في الثاني
ـــــ ـــ ـــــــ ــــ ـــــ ـــ ـــــــ ـــــ ـــ ـــــ ـــــــ ــــ ـــ ـــــ ـــــــ ـــ ـــــ ـــ ـــــــ ــــ ـــــ ـــ ـــــ ـــ ـــــــ ــــ ـــ ـــــ ـــــــ ـــ ـــــ ـــ ـــــــ ــــ ـــــ ـــ ـــــــ ـــــ ـــ ـــــ ـــــــ ــــ ـــ ـــــ ـــــــ ـــ ـــــ ـــ ـــــــ ــــ ـــــ ـــ ـــــ ـــ ـــــــ ــــ ـــ ـــــ ـــــــ ـــ ـــــ ـــ ـــــــ ــــ ـــــ ـــ ـــــــ ـــــ ـــ ـــــ ـــــــ ــــ ـــ ـــــ ـــــــ ـــ ـــــ ـــ ـــــــ ــــ ـــــ ـــ ـــــ ـــ ـــــــ ــــ ـــ ـــــ ـــــــ ـــ ـــــ ـــ ـــــــ ــــ ـــــ ـــ ـــــــ ـــــ ـــ ـــــ ـــــــ ــــ ـــ ـــــ ـــــــ ـــ ـــــ ـــ ـــــــ ــــ ـــــ ـــ ـــــ ـــ ـــــــ ــــ ـــ ـــــ ـــــــ ـــ ـــــ ـــ ـــــــ ــــ ـــــ ـــ ـــــــ ـــــ ـــ ـــــ ـــــــ ــــ ـــ ـــــ ـــــــ ـــ ـــــ ـــ ـــــــ ــــ ـــــ ـــ ـــــ ـــ ـــــــ ــــ ـــ ـــــ ـــــــ ـــ ـــــ ـــ ـــــــ ــــ ـــــ ـــ ـــــــ ـــــ ـــ ـــــ ـــــــ ــــ ـــ ـــــ ـــــــ ـــ ـــــ ـــ ـــــــ ــــ ـــــ
الجميل
دار الخير العربي
ـــــ ـــ ـــــــ ــــ ـــــ ـــ ـــــــ ـــــ ـــ ـــــ ـــــــ ــــ ـــ ـــــ ـــــــ ـــ ـــــ ـــ ـــــــ ــــ ـــــ ـــ ـــــ ـــ ـــــــ ــــ ـــ ـــــ ـــــــ ـــ ـــــ ـــ ـــــــ ــــ ـــــ ـــ ـــــــ ـــــ ـــ ـــــ ـــــــ ــــ ـــ ـــــ ـــــــ ـــ ـــــ ـــ ـــــــ ــــ ـــــ ـــ ـــــ ـــ ـــــــ ــــ ـــ ـــــ ـــــــ ـــ ـــــ ـــ ـــــــ ــــ ـــــ ـــ ـــــــ ـــــ ـــ ـــــ ـــــــ ــــ ـــ ـــــ ـــــــ ـــ ـــــ ـــ ـــــــ ــــ ـــــ ـــ ـــــ ـــ ـــــــ ــــ ـــ ـــــ ـــــــ ـــ ـــــ ـــ ـــــــ ــــ ـــــ ـــ ـــــــ ـــــ ـــ ـــــ ـــــــ ــــ ـــ ـــــ ـــــــ ـــ ـــــ ـــ ـــــــ ــــ ـــــ ـــ ـــــ ـــ ـــــــ ــــ ـــ ـــــ ـــــــ ـــ ـــــ ـــ ـــــــ ــــ ـــــ ـــ ـــــــ ـــــ ـــ ـــــ ـــــــ ــــ ـــ ـــــ ـــــــ ـــ ـــــ ـــ ـــــــ ــــ ـــــ ـــ ـــــ ـــ ـــــــ ــــ ـــ ـــــ ـــــــ ـــ ـــــ ـــ ـــــــ ــــ ـــــ ـــ ـــــــ ـــــ ـــ ـــــ ـــــــ ــــ ـــ ـــــ ـــــــ ـــ ـــــ ـــ ـــــــ ــــ ـــــ
ـــــ ـــ ـــــــ ــــ ـــــ ـــ ـــــــ ـــــ ـــ ـــــ ـــــــ ــــ ـــ ـــــ ـــــــ ـــ ـــــ ـــ ـــــــ ــــ ـــــ ـــ ـــــ ـــ ـــــــ ــــ ـــ ـــــ ـــــــ ـــ ـــــ ـــ ـــــــ ــــ ـــــ ـــ ـــــــ ـــــ ـــ ـــــ ـــــــ ــــ ـــ ـــــ ـــــــ ـــ ـــــ ـــ ـــــــ ــــ ـــــ ـــ ـــــ ـــ ـــــــ ــــ ـــ ـــــ ـــــــ ـــ ـــــ ـــ ـــــــ ــــ ـــــ ـــ ـــــــ ـــــ ـــ ـــــ ـــــــ ــــ ـــ ـــــ ـــــــ ـــ ـــــ ـــ ـــــــ ــــ ـــــ ـــ ـــــ ـــ ـــــــ ــــ ـــ ـــــ ـــــــ ـــ ـــــ ـــ ـــــــ ــــ ـــــ ـــ ـــــــ ـــــ ـــ ـــــ ـــــــ ــــ ـــ ـــــ ـــــــ ـــ ـــــ ـــ ـــــــ ــــ ـــــ ـــ ـــــ ـــ ـــــــ ــــ ـــ ـــــ ـــــــ ـــ ـــــ ـــ ـــــــ ــــ ـــــ ـــ ـــــــ ـــــ ـــ ـــــ ـــــــ ــــ ـــ ـــــ ـــــــ ـــ ـــــ ـــ ـــــــ ــــ ـــــ ـــ ـــــ ـــ ـــــــ ــــ ـــ ـــــ ـــــــ ـــ ـــــ ـــ ـــــــ ــــ ـــــ ـــ ـــــــ ـــــ ـــ ـــــ ـــــــ ــــ ـــ ـــــ ـــــــ ـــ ـــــ ـــ ـــــــ ــــ ـــــ
محمد أبو هلال
انتهي الاعلانات
ـــــ ـــ ـــــــ ــــ ـــــ ـــ ـــــــ ـــــ ـــ ـــــ ـــــــ ــــ ـــ ـــــ ـــــــ ـــ ـــــ ـــ ـــــــ ــــ ـــــ ـــ ـــــ ـــ ـــــــ ــــ ـــ ـــــ ـــــــ ـــ ـــــ ـــ ـــــــ ــــ ـــــ ـــ ـــــــ ـــــ ـــ ـــــ ـــــــ ــــ ـــ ـــــ ـــــــ ـــ ـــــ ـــ ـــــــ ــــ ـــــ ـــ ـــــ ـــ ـــــــ ــــ ـــ ـــــ ـــــــ ـــ ـــــ ـــ ـــــــ ــــ ـــــ ـــ ـــــــ ـــــ ـــ ـــــ ـــــــ ــــ ـــ ـــــ ـــــــ ـــ ـــــ ـــ ـــــــ ــــ ـــــ ـــ ـــــ ـــ ـــــــ ــــ ـــ ـــــ ـــــــ ـــ ـــــ ـــ ـــــــ ــــ ـــــ ـــ ـــــــ ـــــ ـــ ـــــ ـــــــ ــــ ـــ ـــــ ـــــــ ـــ ـــــ ـــ ـــــــ ــــ ـــــ ـــ ـــــ ـــ ـــــــ ــــ ـــ ـــــ ـــــــ ـــ ـــــ ـــ ـــــــ ــــ ـــــ ـــ ـــــــ ـــــ ـــ ـــــ ـــــــ ــــ ـــ ـــــ ـــــــ ـــ ـــــ ـــ ـــــــ ــــ ـــــ ـــ ـــــ ـــ ـــــــ ــــ ـــ ـــــ ـــــــ ـــ ـــــ ـــ ـــــــ ــــ ـــــ ـــ ـــــــ ـــــ ـــ ـــــ ـــــــ ــــ ـــ ـــــ ـــــــ ـــ ـــــ ـــ ـــــــ ــــ ـــــ
